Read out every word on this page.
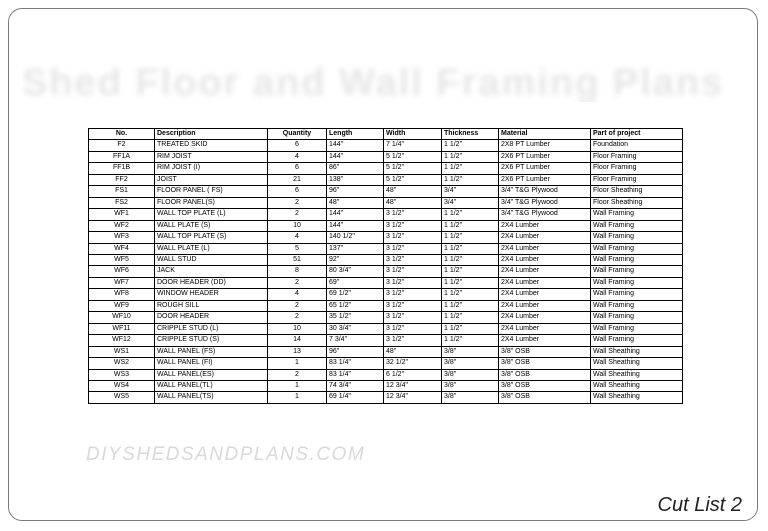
Shed Floor and Wall Framing Plans
No.	Description	Quantity	Length	Width	Thickness	Material	Part of project
F2	TREATED SKID	6	144"	7 1/4"	1 1/2"	2X8 PT Lumber	Foundation
FF1A	RIM JOIST	4	144"	5 1/2"	1 1/2"	2X6 PT Lumber	Floor Framing
FF1B	RIM JOIST (I)	6	86"	5 1/2"	1 1/2"	2X6 PT Lumber	Floor Framing
FF2	JOIST	21	138"	5 1/2"	1 1/2"	2X6 PT Lumber	Floor Framing
FS1	FLOOR PANEL ( FS)	6	96"	48"	3/4"	3/4" T&G Plywood	Floor Sheathing
FS2	FLOOR PANEL(S)	2	48"	48"	3/4"	3/4" T&G Plywood	Floor Sheathing
WF1	WALL TOP PLATE (L)	2	144"	3 1/2"	1 1/2"	3/4" T&G Plywood	Wall Framing
WF2	WALL PLATE (S)	10	144"	3 1/2"	1 1/2"	2X4 Lumber	Wall Framing
WF3	WALL TOP PLATE (S)	4	140 1/2"	3 1/2"	1 1/2"	2X4 Lumber	Wall Framing
WF4	WALL PLATE (L)	5	137"	3 1/2"	1 1/2"	2X4 Lumber	Wall Framing
WF5	WALL STUD	51	92"	3 1/2"	1 1/2"	2X4 Lumber	Wall Framing
WF6	JACK	8	80 3/4"	3 1/2"	1 1/2"	2X4 Lumber	Wall Framing
WF7	DOOR HEADER (DD)	2	69"	3 1/2"	1 1/2"	2X4 Lumber	Wall Framing
WF8	WINDOW HEADER	4	69 1/2"	3 1/2"	1 1/2"	2X4 Lumber	Wall Framing
WF9	ROUGH SILL	2	65 1/2"	3 1/2"	1 1/2"	2X4 Lumber	Wall Framing
WF10	DOOR HEADER	2	35 1/2"	3 1/2"	1 1/2"	2X4 Lumber	Wall Framing
WF11	CRIPPLE STUD (L)	10	30 3/4"	3 1/2"	1 1/2"	2X4 Lumber	Wall Framing
WF12	CRIPPLE STUD (S)	14	7 3/4"	3 1/2"	1 1/2"	2X4 Lumber	Wall Framing
WS1	WALL PANEL (FS)	13	96"	48"	3/8"	3/8" OSB	Wall Sheathing
WS2	WALL PANEL (FI)	1	83 1/4"	32 1/2"	3/8"	3/8" OSB	Wall Sheathing
WS3	WALL PANEL(ES)	2	83 1/4"	6 1/2"	3/8"	3/8" OSB	Wall Sheathing
WS4	WALL PANEL(TL)	1	74 3/4"	12 3/4"	3/8"	3/8" OSB	Wall Sheathing
WS5	WALL PANEL(TS)	1	69 1/4"	12 3/4"	3/8"	3/8" OSB	Wall Sheathing
DIYSHEDSANDPLANS.COM
Cut List 2
